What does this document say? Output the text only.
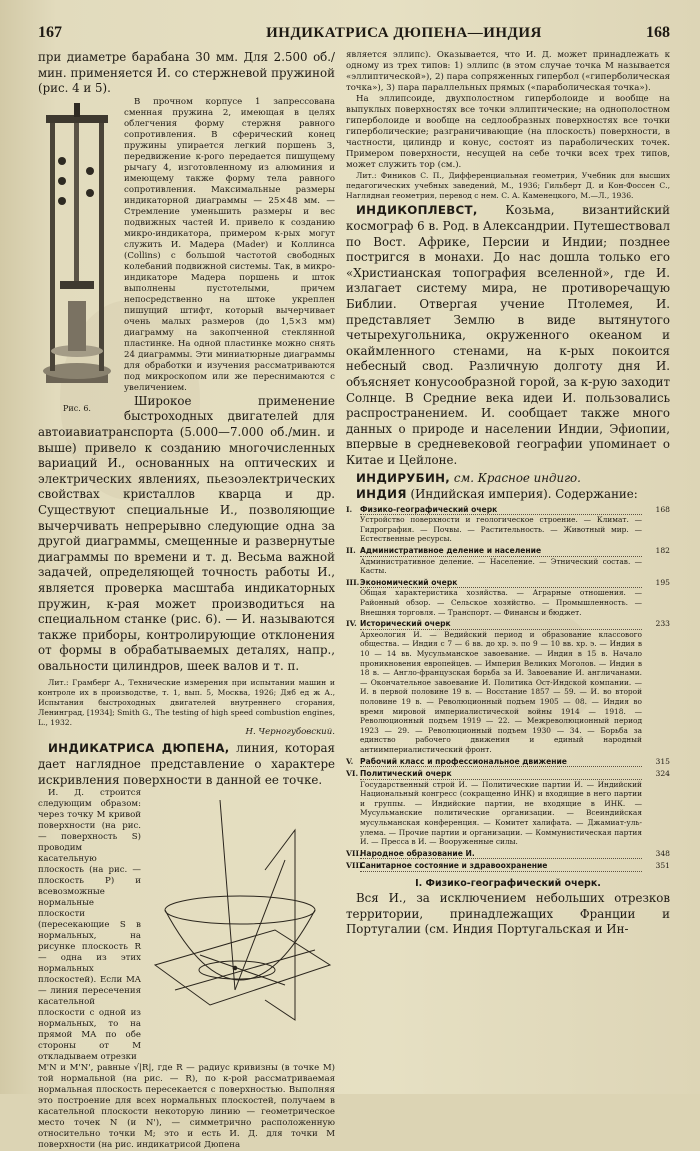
167	ИНДИКАТРИСА ДЮПЕНА—ИНДИЯ	168

при диаметре барабана 30 мм. Для 2.500 об./мин. применяется И. со стержневой пружиной (рис. 4 и 5).

Рис. 6.

В прочном корпусе 1 запрессована сменная пружина 2, имеющая в целях облегчения форму стержня равного сопротивления. В сферический конец пружины упирается легкий поршень 3, передвижение к-рого передается пишущему рычагу 4, изготовленному из алюминия и имеющему также форму тела равного сопротивления. Максимальные размеры индикаторной диаграммы — 25×48 мм. — Стремление уменьшить размеры и вес подвижных частей И. привело к созданию микро-индикатора, примером к-рых могут служить И. Мадера (Mader) и Коллинса (Collins) с большой частотой свободных колебаний подвижной системы. Так, в микро-индикаторе Мадера поршень и шток выполнены пустотелыми, причем непосредственно на штоке укреплен пишущий штифт, который вычерчивает очень малых размеров (до 1,5×3 мм) диаграмму на закопченной стеклянной пластинке. На одной пластинке можно снять 24 диаграммы. Эти миниатюрные диаграммы для обработки и изучения рассматриваются под микроскопом или же переснимаются с увеличением.

Широкое применение быстроходных двигателей для автоиавиатранспорта (5.000—7.000 об./мин. и выше) привело к созданию многочисленных вариаций И., основанных на оптических и электрических явлениях, пьезоэлектрических свойствах кристаллов кварца и др. Существуют специальные И., позволяющие вычерчивать непрерывно следующие одна за другой диаграммы, смещенные и развернутые диаграммы по времени и т. д. Весьма важной задачей, определяющей точность работы И., является проверка масштаба индикаторных пружин, к-рая может производиться на специальном станке (рис. 6). — И. называются также приборы, контролирующие отклонения от формы в обрабатываемых деталях, напр., овальности цилиндров, шеек валов и т. п.

Лит.: Грамберг А., Технические измерения при испытании машин и контроле их в производстве, т. 1, вып. 5, Москва, 1926; Дяб ед ж А., Испытания быстроходных двигателей внутреннего сгорания, Ленинград, [1934]; Smith G., The testing of high speed combustion engines, L., 1932.

Н. Черногубовский.

ИНДИКАТРИСА ДЮПЕНА, линия, которая дает наглядное представление о характере искривления поверхности в данной ее точке.

И. Д. строится следующим образом: через точку M кривой поверхности (на рис. — поверхность S) проводим касательную плоскость (на рис. — плоскость P) и всевозможные нормальные плоскости (пересекающие S в нормальных, на рисунке плоскость R — одна из этих нормальных плоскостей). Если MA — линия пересечения касательной плоскости с одной из нормальных, то на прямой MA по обе стороны от M откладываем отрезки

M'N и M'N', равные √|R|, где R — радиус кривизны (в точке M) той нормальной (на рис. — R), по к-рой рассматриваемая нормальная плоскость пересекается с поверхностью. Выполняя это построение для всех нормальных плоскостей, получаем в касательной плоскости некоторую линию — геометрическое место точек N (и N'), — симметрично расположенную относительно точки M; это и есть И. Д. для точки M поверхности (на рис. индикатрисой Дюпена

является эллипс). Оказывается, что И. Д. может принадлежать к одному из трех типов: 1) эллипс (в этом случае точка M называется «эллиптической»), 2) пара сопряженных гипербол («гиперболическая точка»), 3) пара параллельных прямых («параболическая точка»).

На эллипсоиде, двухполостном гиперболоиде и вообще на выпуклых поверхностях все точки эллиптические; на однополостном гиперболоиде и вообще на седлообразных поверхностях все точки гиперболические; разграничивающие (на плоскость) поверхности, в частности, цилиндр и конус, состоят из параболических точек. Примером поверхности, несущей на себе точки всех трех типов, может служить тор (см.).

Лит.: Фиников С. П., Дифференциальная геометрия, Учебник для высших педагогических учебных заведений, М., 1936; Гильберт Д. и Кон-Фоссен С., Наглядная геометрия, перевод с нем. С. А. Каменецкого, М.—Л., 1936.

ИНДИКОПЛЕВСТ, Козьма, византийский космограф 6 в. Род. в Александрии. Путешествовал по Вост. Африке, Персии и Индии; позднее постригся в монахи. До нас дошла только его «Христианская топография вселенной», где И. излагает систему мира, не противоречащую Библии. Отвергая учение Птолемея, И. представляет Землю в виде вытянутого четырехугольника, окруженного океаном и окаймленного стенами, на к-рых покоится небесный свод. Различную долготу дня И. объясняет конусообразной горой, за к-рую заходит Солнце. В Средние века идеи И. пользовались распространением. И. сообщает также много данных о природе и населении Индии, Эфиопии, впервые в средневековой географии упоминает о Китае и Цейлоне.

ИНДИРУБИН, см. Красное индиго.

ИНДИЯ (Индийская империя). Содержание:

I.	Физико-географический очерк	168
Устройство поверхности и геологическое строение. — Климат. — Гидрография. — Почвы. — Растительность. — Животный мир. — Естественные ресурсы.
II. Административное деление и население	182
Административное деление. — Население. — Этнический состав. — Касты.
III. Экономический очерк	195
Общая характеристика хозяйства. — Аграрные отношения. — Районный обзор. — Сельское хозяйство. — Промышленность. — Внешняя торговля. — Транспорт. — Финансы и бюджет.
IV. Исторический очерк	233
Археология И. — Ведийский период и образование классового общества. — Индия с 7 — 6 вв. до хр. э. по 9 — 10 вв. хр. э. — Индия в 10 — 14 вв. Мусульманское завоевание. — Индия в 15 в. Начало проникновения европейцев. — Империя Великих Моголов. — Индия в 18 в. — Англо-французская борьба за И. Завоевание И. англичанами. — Окончательное завоевание И. Политика Ост-Индской компании. — И. в первой половине 19 в. — Восстание 1857 — 59. — И. во второй половине 19 в. — Революционный подъем 1905 — 08. — Индия во время мировой империалистической войны 1914 — 1918. — Революционный подъем 1919 — 22. — Межреволюционный период 1923 — 29. — Революционный подъем 1930 — 34. — Борьба за единство рабочего движения и единый народный антиимпериалистический фронт.
V. Рабочий класс и профессиональное движение	315
VI. Политический очерк	324
Государственный строй И. — Политические партии И. — Индийский Национальный конгресс (сокращенно ИНК) и входящие в него партии и группы. — Индийские партии, не входящие в ИНК. — Мусульманские политические организации. — Всеиндийская мусульманская конференция. — Комитет халифата. — Джамиат-уль-улема. — Прочие партии и организации. — Коммунистическая партия И. — Пресса в И. — Вооруженные силы.
VII.
Народное образование И.	348
VIII.
Санитарное состояние и здравоохранение	351
I. Физико-географический очерк.

Вся И., за исключением небольших отрезков территории, принадлежащих Франции и Португалии (см. Индия Португальская и Ин-
